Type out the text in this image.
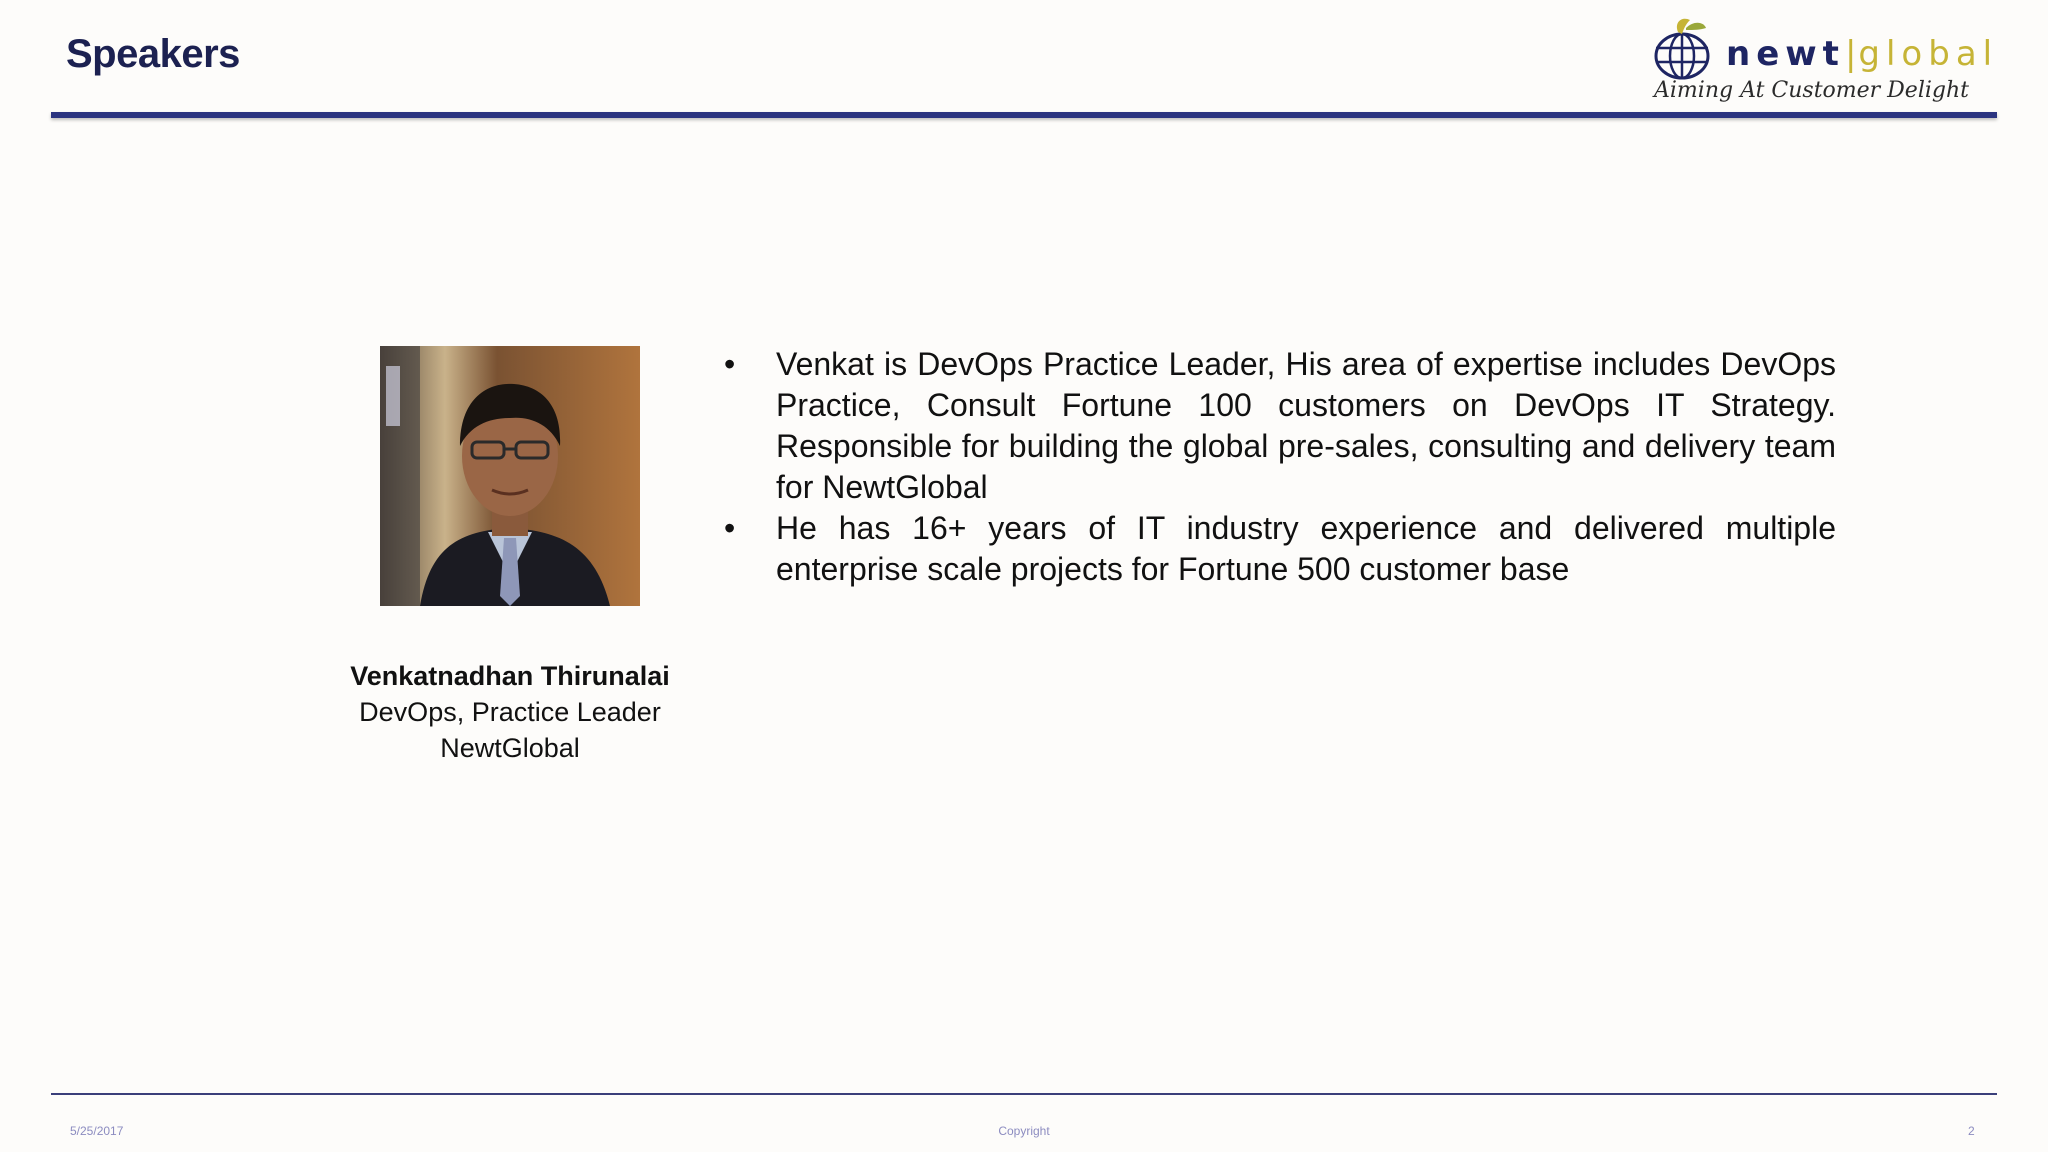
Speakers	newt|global
Aiming At Customer Delight
Venkatnadhan Thirunalai
DevOps, Practice Leader
NewtGlobal
• Venkat is DevOps Practice Leader, His area of expertise includes DevOps Practice, Consult Fortune 100 customers on DevOps IT Strategy. Responsible for building the global pre-sales, consulting and delivery team for NewtGlobal
• He has 16+ years of IT industry experience and delivered multiple enterprise scale projects for Fortune 500 customer base
5/25/2017	Copyright	2
